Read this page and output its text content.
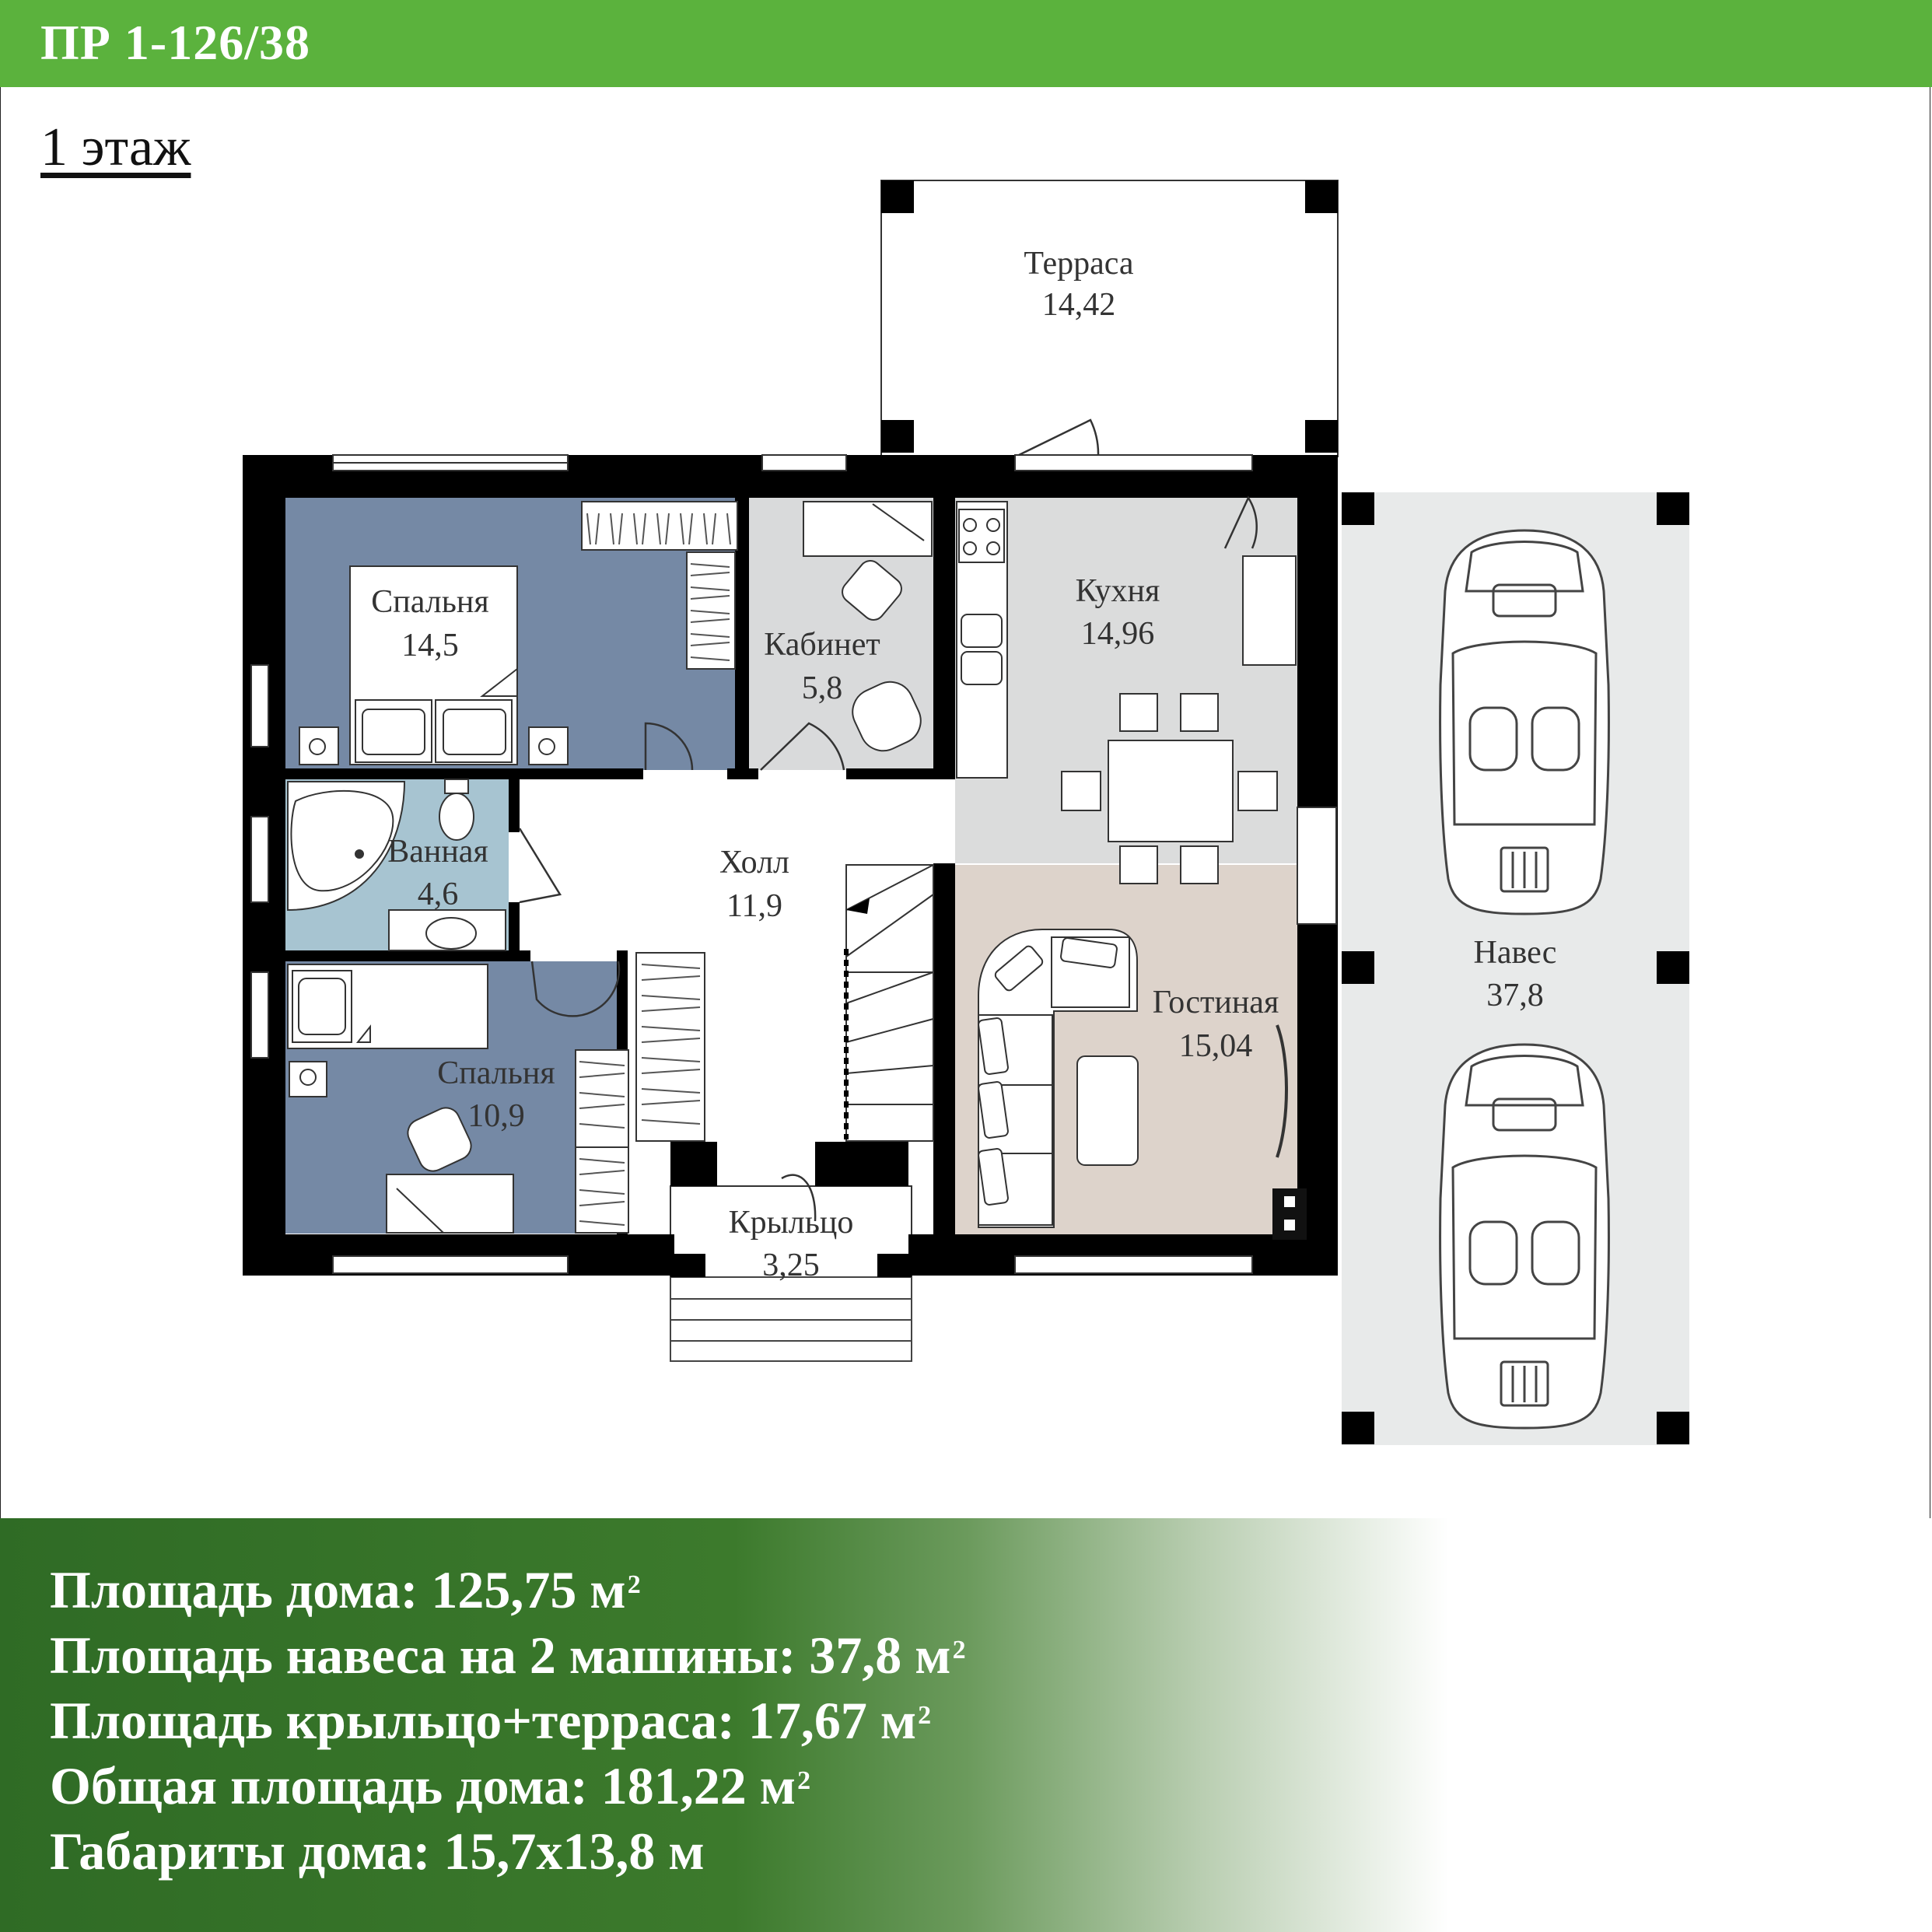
ПР 1-126/38
1 этаж
Терраса
14,42
Спальня
14,5	Кабинет
5,8
Кухня
14,96
Ванная
4,6
Холл
11,9
Спальня
10,9
Гостиная
15,04
Крыльцо
3,25
Навес
37,8
Площадь дома: 125,75 $м^2$
Площадь навеса на 2 машины: 37,8 $м^2$
Площадь крыльцо+терраса: 17,67 $м^2$
Общая площадь дома: 181,22 $м^2$
Габариты дома: 15,7x13,8 м
